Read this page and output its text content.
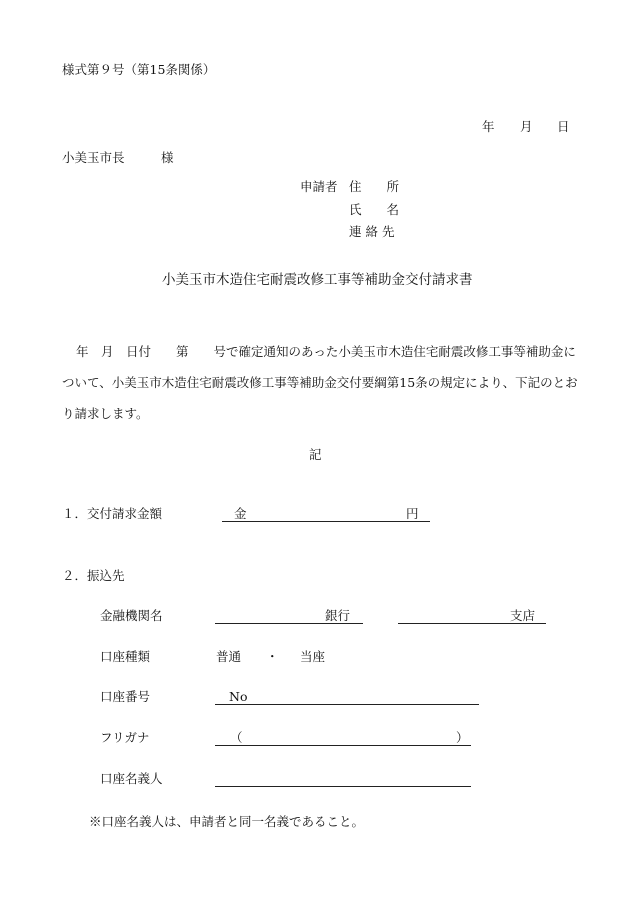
様式第９号（第15条関係）
年 月 日
小美玉市長	様
申請者 住　　所
氏　　名
連 絡 先
小美玉市木造住宅耐震改修工事等補助金交付請求書

年　月　日付　　第　　号で確定通知のあった小美玉市木造住宅耐震改修工事等補助金に

ついて、小美玉市木造住宅耐震改修工事等補助金交付要綱第15条の規定により、下記のとお

り請求します。

記
１．交付請求金額	金	円
２．振込先
金融機関名	銀行	支店
口座種類	普通 ・ 当座
口座番号	No
フリガナ	（	）
口座名義人
※口座名義人は、申請者と同一名義であること。
